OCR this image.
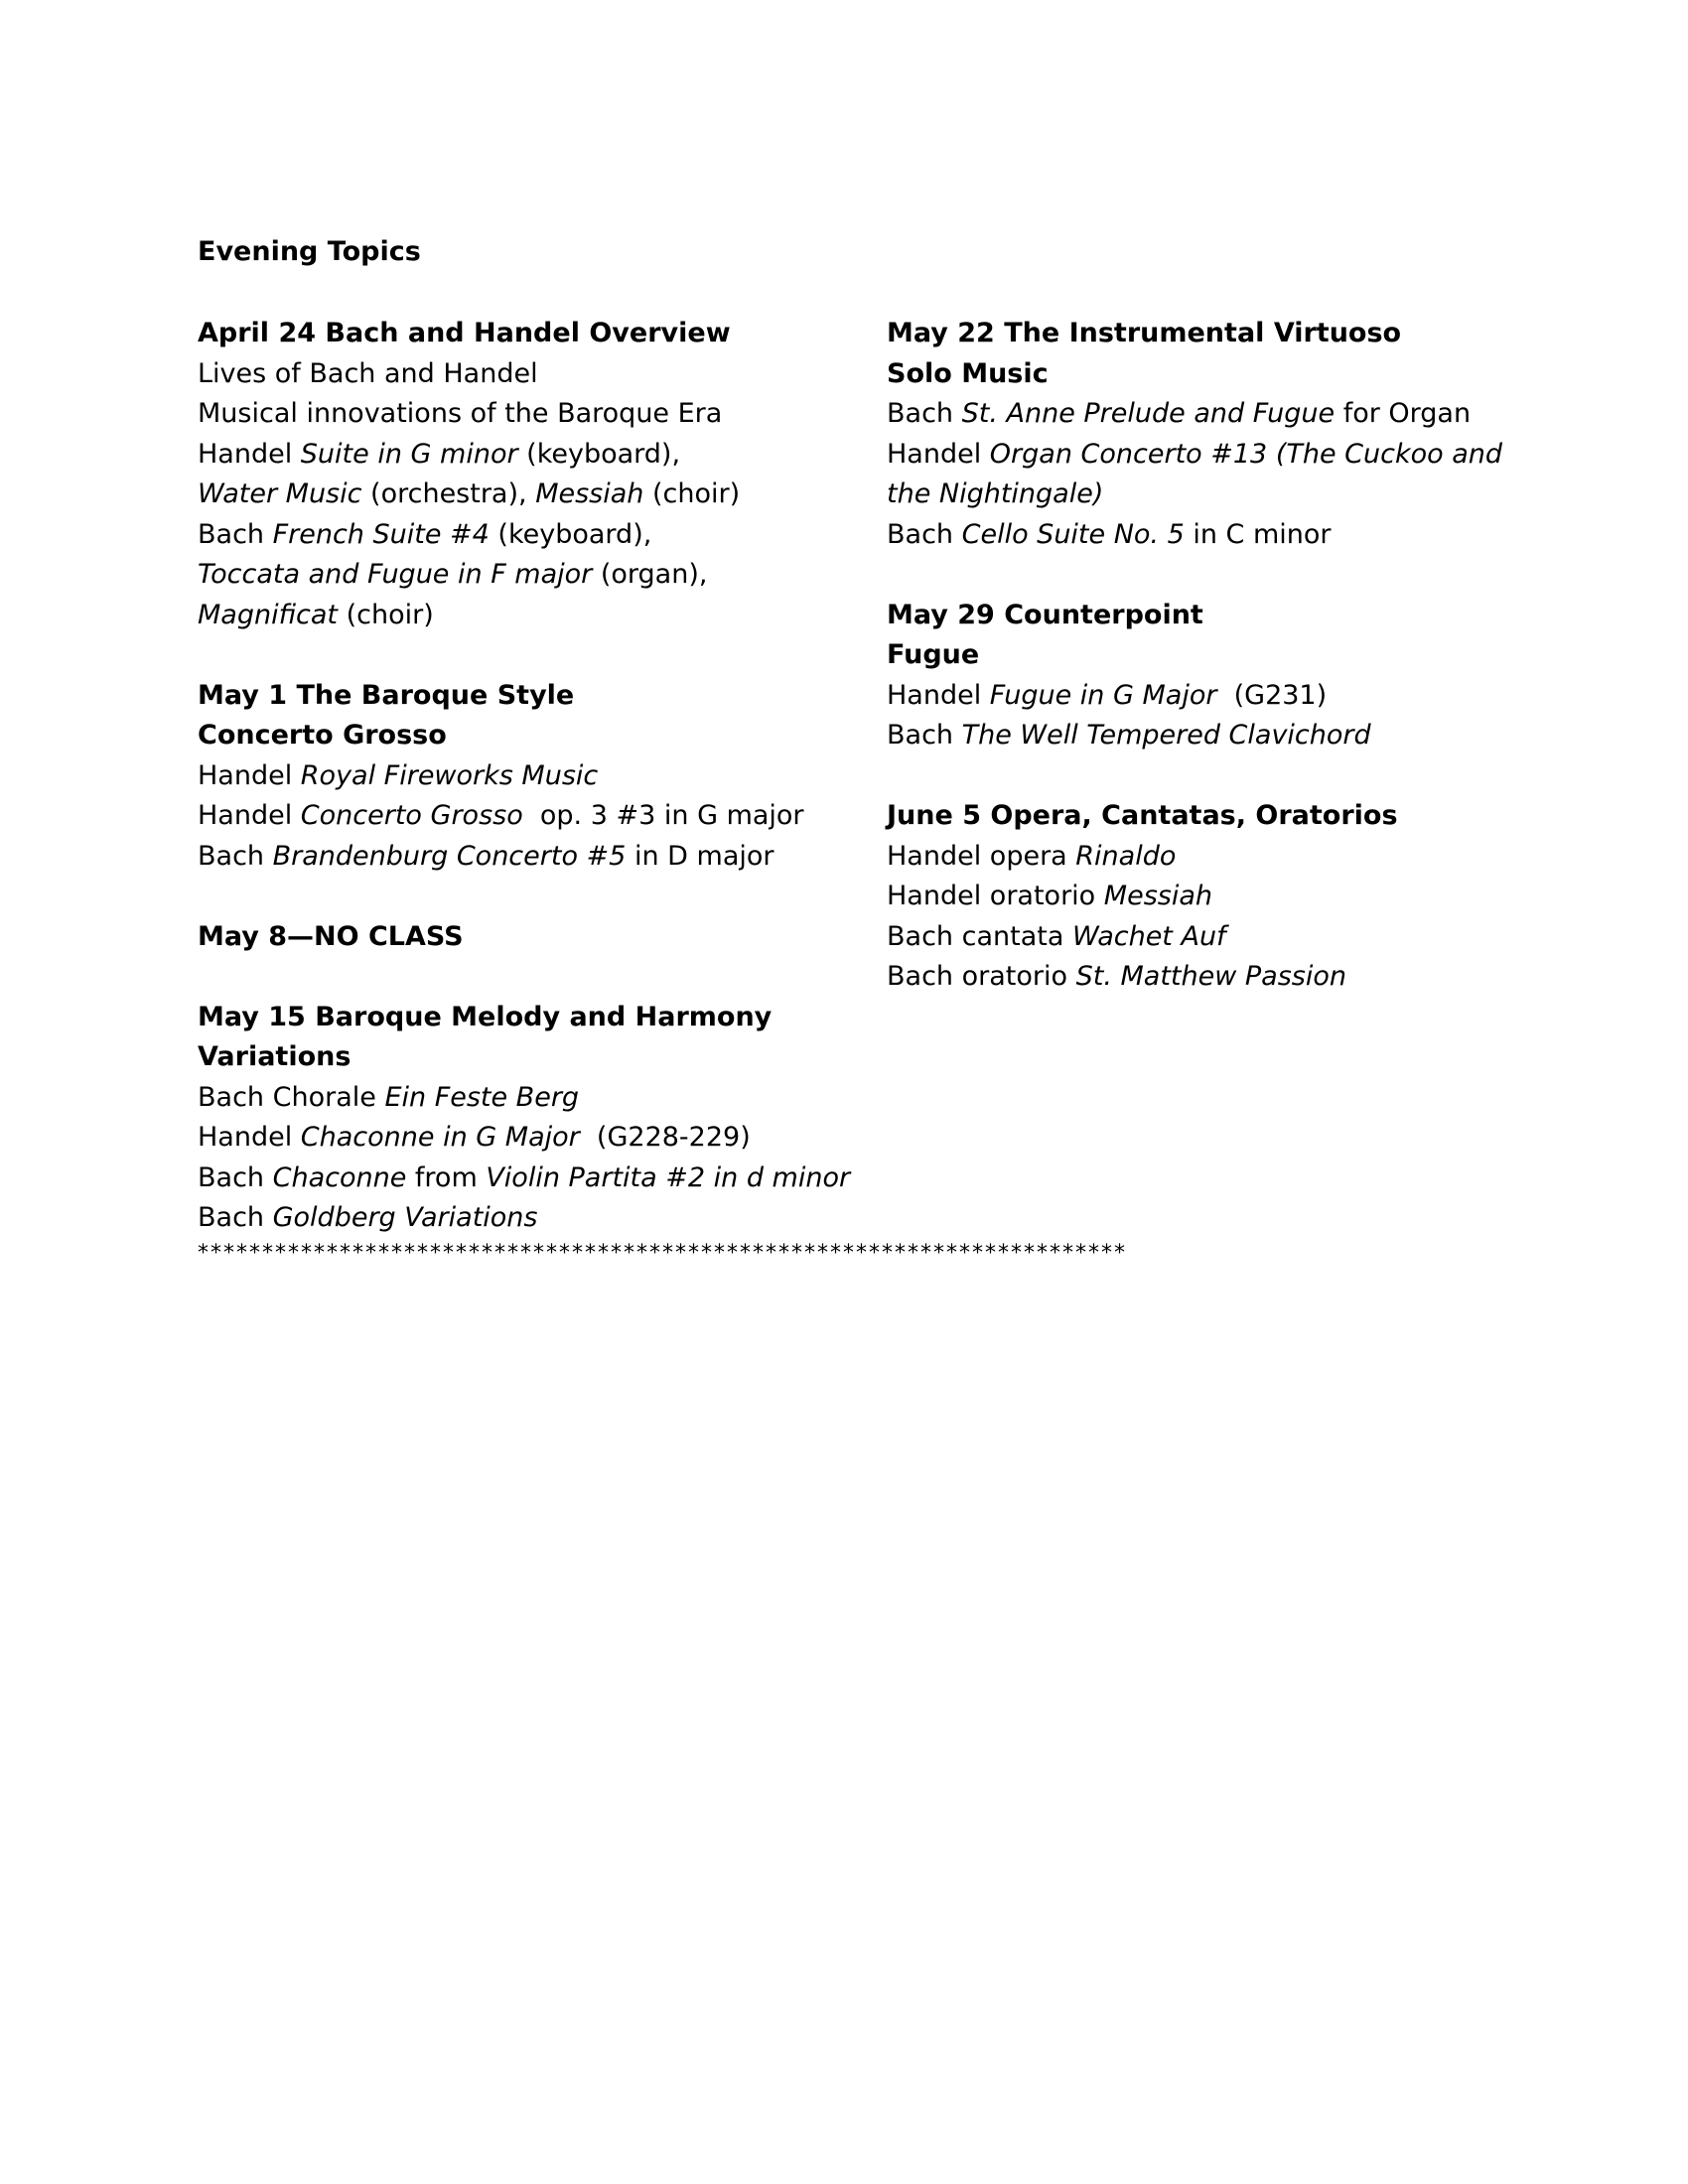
Evening Topics
April 24 Bach and Handel Overview
Lives of Bach and Handel
Musical innovations of the Baroque Era
Handel Suite in G minor (keyboard),
Water Music (orchestra), Messiah (choir)
Bach French Suite #4 (keyboard),
Toccata and Fugue in F major (organ),
Magnificat (choir)
May 1 The Baroque Style
Concerto Grosso
Handel Royal Fireworks Music
Handel Concerto Grosso  op. 3 #3 in G major
Bach Brandenburg Concerto #5 in D major
May 8—NO CLASS
May 15 Baroque Melody and Harmony
Variations
Bach Chorale Ein Feste Berg
Handel Chaconne in G Major  (G228-229)
Bach Chaconne from Violin Partita #2 in d minor
Bach Goldberg Variations
May 22 The Instrumental Virtuoso
Solo Music
Bach St. Anne Prelude and Fugue for Organ
Handel Organ Concerto #13 (The Cuckoo and
the Nightingale)
Bach Cello Suite No. 5 in C minor
May 29 Counterpoint
Fugue
Handel Fugue in G Major  (G231)
Bach The Well Tempered Clavichord
June 5 Opera, Cantatas, Oratorios
Handel opera Rinaldo
Handel oratorio Messiah
Bach cantata Wachet Auf
Bach oratorio St. Matthew Passion
************************************************************************
